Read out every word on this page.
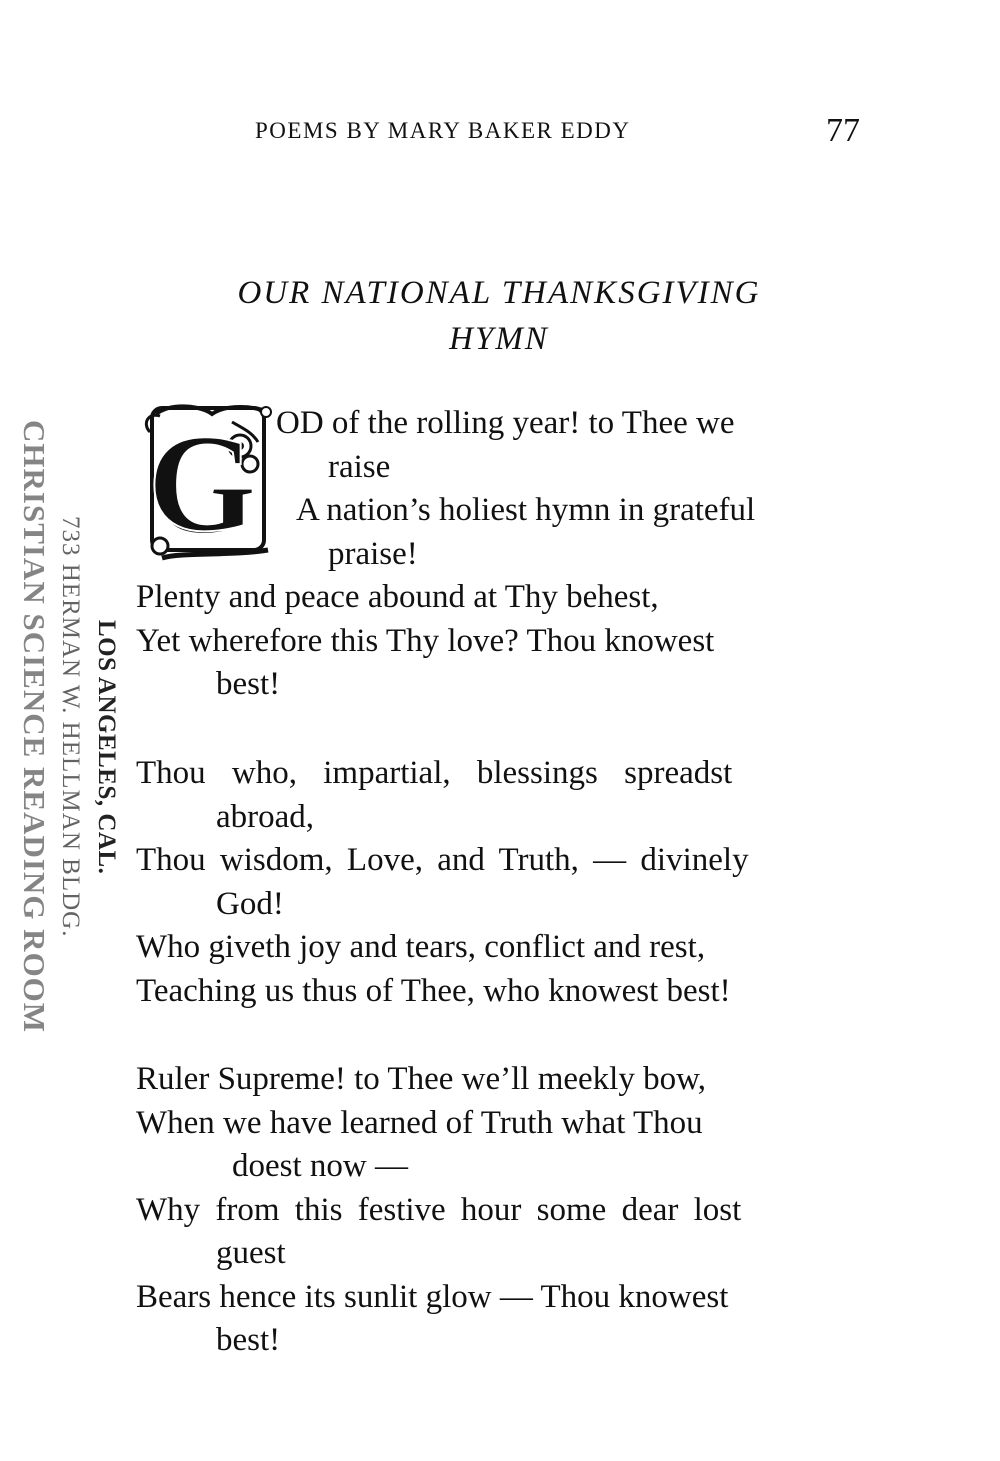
POEMS BY MARY BAKER EDDY	77
OUR NATIONAL THANKSGIVING
HYMN
G OD of the rolling year! to Thee we
raise
A nation’s holiest hymn in grateful
praise!
Plenty and peace abound at Thy behest,
Yet wherefore this Thy love? Thou knowest
best!
Thou who, impartial, blessings spreadst
abroad,
Thou wisdom, Love, and Truth, — divinely
God!
Who giveth joy and tears, conflict and rest,
Teaching us thus of Thee, who knowest best!
Ruler Supreme! to Thee we’ll meekly bow,
When we have learned of Truth what Thou
doest now —
Why from this festive hour some dear lost
guest
Bears hence its sunlit glow — Thou knowest
best!
CHRISTIAN SCIENCE READING ROOM 733 HERMAN W. HELLMAN BLDG. LOS ANGELES, CAL.
